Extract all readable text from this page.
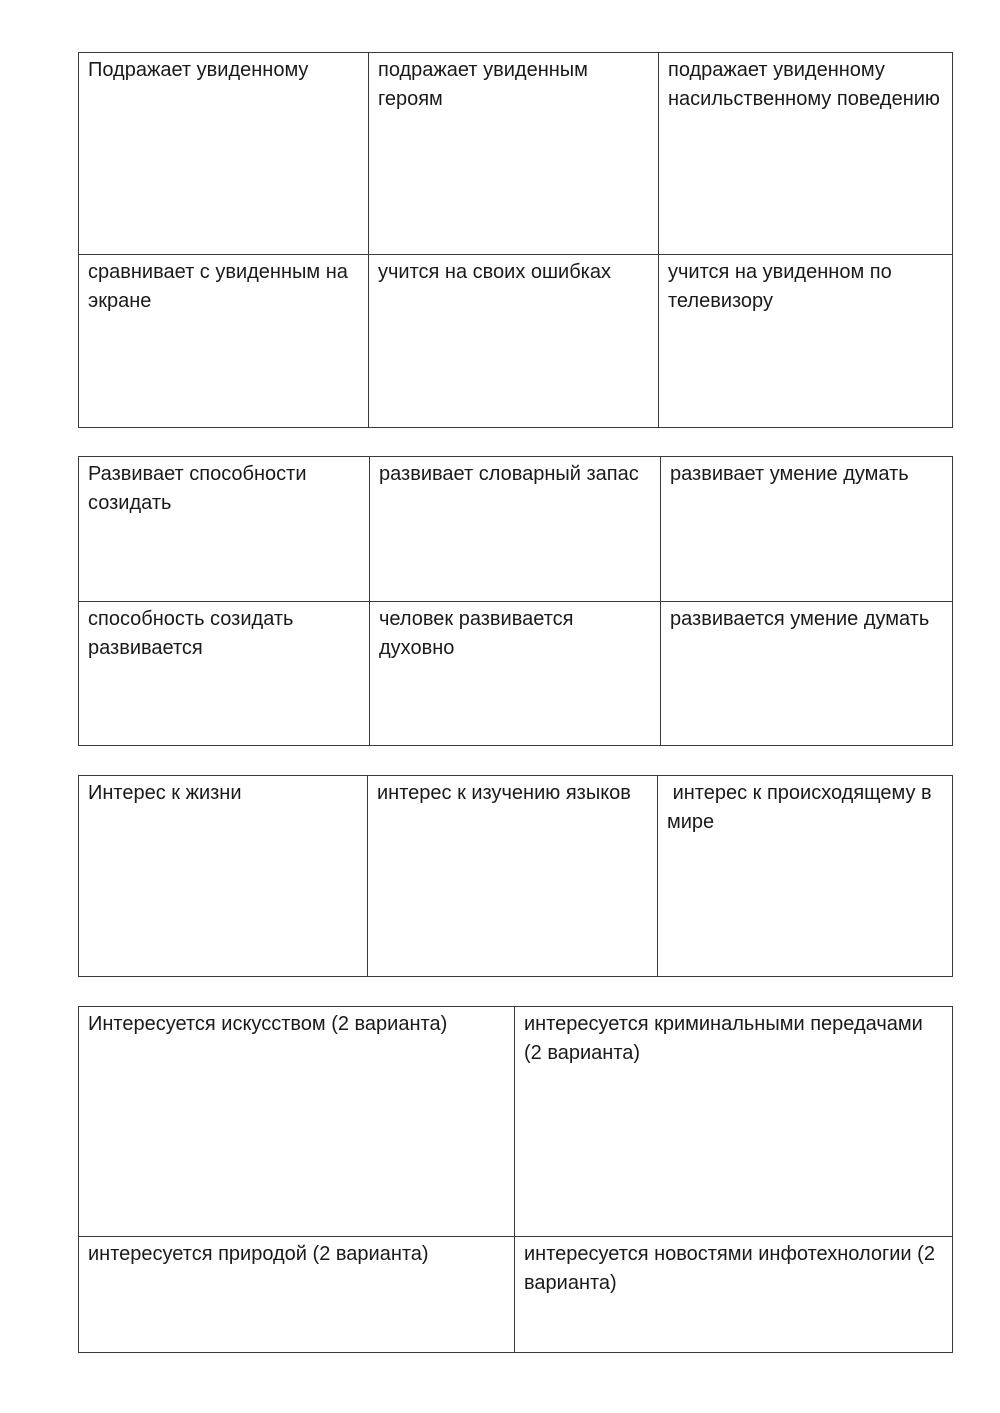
Подражает увиденному	подражает увиденным героям	подражает увиденному насильственному поведению

сравнивает с увиденным на экране	учится на своих ошибках	учится на увиденном по телевизору
Развивает способности созидать	развивает словарный запас	развивает умение думать

способность созидать развивается	человек развивается духовно	развивается умение думать
Интерес к жизни	интерес к изучению языков	интерес к происходящему в мире
Интересуется искусством (2 варианта)	интересуется криминальными передачами (2 варианта)

интересуется природой (2 варианта)	интересуется новостями инфотехнологии (2 варианта)
